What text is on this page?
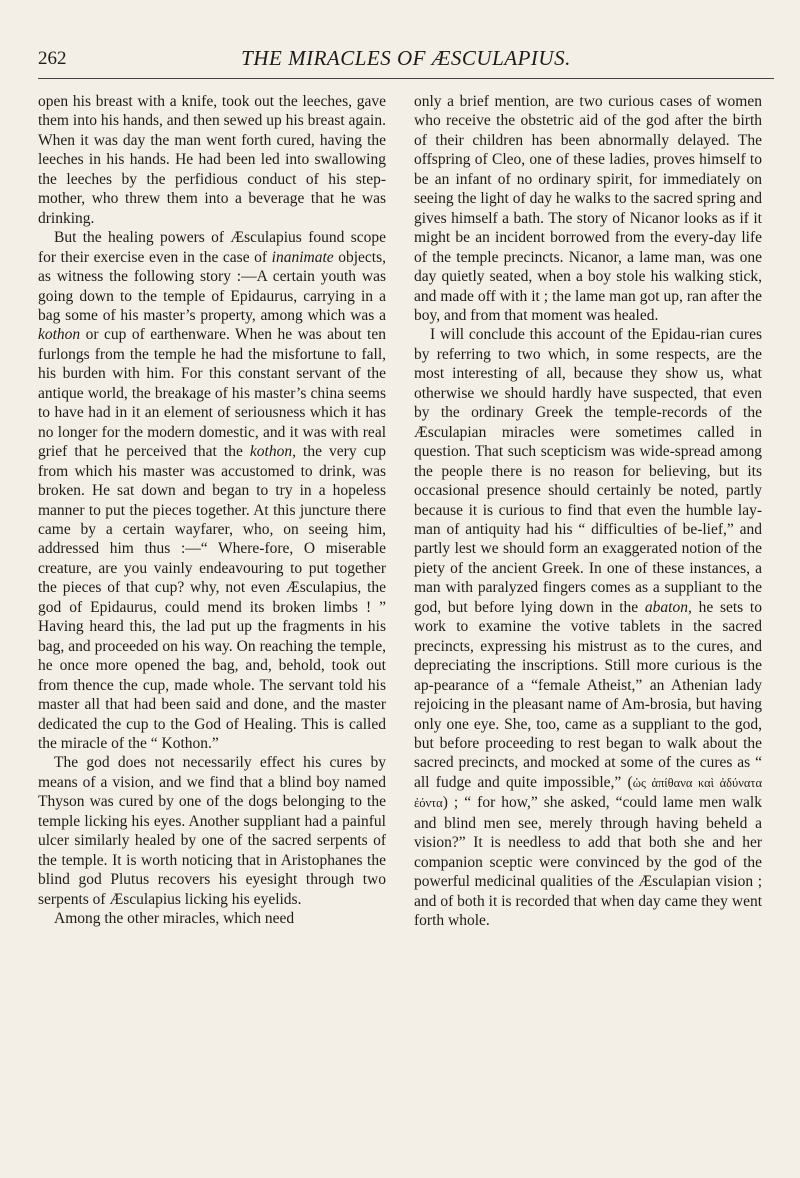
262	THE MIRACLES OF ÆSCULAPIUS.

open his breast with a knife, took out the leeches, gave them into his hands, and then sewed up his breast again. When it was day the man went forth cured, having the leeches in his hands. He had been led into swallowing the leeches by the perfidious conduct of his step-mother, who threw them into a beverage that he was drinking.

But the healing powers of Æsculapius found scope for their exercise even in the case of inanimate objects, as witness the following story :—A certain youth was going down to the temple of Epidaurus, carrying in a bag some of his master’s property, among which was a kothon or cup of earthenware. When he was about ten furlongs from the temple he had the misfortune to fall, his burden with him. For this constant servant of the antique world, the breakage of his master’s china seems to have had in it an element of seriousness which it has no longer for the modern domestic, and it was with real grief that he perceived that the kothon, the very cup from which his master was accustomed to drink, was broken. He sat down and began to try in a hopeless manner to put the pieces together. At this juncture there came by a certain wayfarer, who, on seeing him, addressed him thus :—“ Where-fore, O miserable creature, are you vainly endeavouring to put together the pieces of that cup? why, not even Æsculapius, the god of Epidaurus, could mend its broken limbs ! ” Having heard this, the lad put up the fragments in his bag, and proceeded on his way. On reaching the temple, he once more opened the bag, and, behold, took out from thence the cup, made whole. The servant told his master all that had been said and done, and the master dedicated the cup to the God of Healing. This is called the miracle of the “ Kothon.”

The god does not necessarily effect his cures by means of a vision, and we find that a blind boy named Thyson was cured by one of the dogs belonging to the temple licking his eyes. Another suppliant had a painful ulcer similarly healed by one of the sacred serpents of the temple. It is worth noticing that in Aristophanes the blind god Plutus recovers his eyesight through two serpents of Æsculapius licking his eyelids.

Among the other miracles, which need

only a brief mention, are two curious cases of women who receive the obstetric aid of the god after the birth of their children has been abnormally delayed. The offspring of Cleo, one of these ladies, proves himself to be an infant of no ordinary spirit, for immediately on seeing the light of day he walks to the sacred spring and gives himself a bath. The story of Nicanor looks as if it might be an incident borrowed from the every-day life of the temple precincts. Nicanor, a lame man, was one day quietly seated, when a boy stole his walking stick, and made off with it ; the lame man got up, ran after the boy, and from that moment was healed.

I will conclude this account of the Epidau-rian cures by referring to two which, in some respects, are the most interesting of all, because they show us, what otherwise we should hardly have suspected, that even by the ordinary Greek the temple-records of the Æsculapian miracles were sometimes called in question. That such scepticism was wide-spread among the people there is no reason for believing, but its occasional presence should certainly be noted, partly because it is curious to find that even the humble lay-man of antiquity had his “ difficulties of be-lief,” and partly lest we should form an exaggerated notion of the piety of the ancient Greek. In one of these instances, a man with paralyzed fingers comes as a suppliant to the god, but before lying down in the abaton, he sets to work to examine the votive tablets in the sacred precincts, expressing his mistrust as to the cures, and depreciating the inscriptions. Still more curious is the ap-pearance of a “female Atheist,” an Athenian lady rejoicing in the pleasant name of Am-brosia, but having only one eye. She, too, came as a suppliant to the god, but before proceeding to rest began to walk about the sacred precincts, and mocked at some of the cures as “ all fudge and quite impossible,” (ὡς ἀπίθανα καὶ ἀδύνατα ἐόντα) ; “ for how,” she asked, “could lame men walk and blind men see, merely through having beheld a vision?” It is needless to add that both she and her companion sceptic were convinced by the god of the powerful medicinal qualities of the Æsculapian vision ; and of both it is recorded that when day came they went forth whole.
